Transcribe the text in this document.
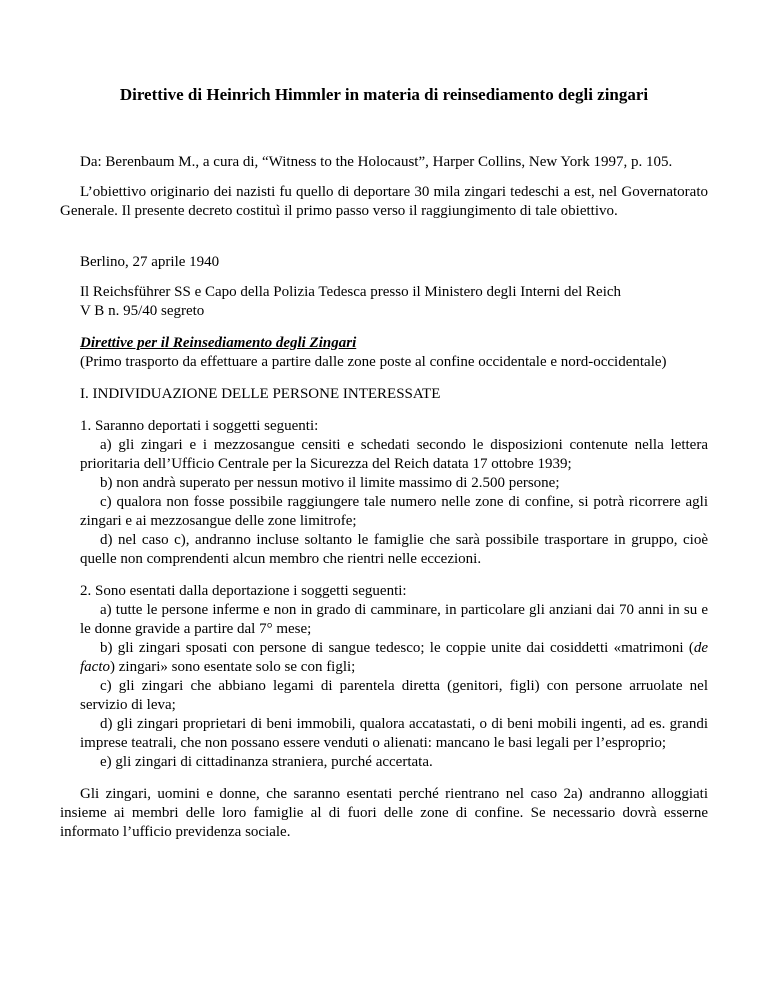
Direttive di Heinrich Himmler in materia di reinsediamento degli zingari

Da: Berenbaum M., a cura di, “Witness to the Holocaust”, Harper Collins, New York 1997, p. 105.

L’obiettivo originario dei nazisti fu quello di deportare 30 mila zingari tedeschi a est, nel Governatorato Generale. Il presente decreto costituì il primo passo verso il raggiungimento di tale obiettivo.

Berlino, 27 aprile 1940

Il Reichsführer SS e Capo della Polizia Tedesca presso il Ministero degli Interni del Reich

V B n. 95/40 segreto

Direttive per il Reinsediamento degli Zingari

(Primo trasporto da effettuare a partire dalle zone poste al confine occidentale e nord-occidentale)

I. INDIVIDUAZIONE DELLE PERSONE INTERESSATE

1. Saranno deportati i soggetti seguenti:

a) gli zingari e i mezzosangue censiti e schedati secondo le disposizioni contenute nella lettera prioritaria dell’Ufficio Centrale per la Sicurezza del Reich datata 17 ottobre 1939;

b) non andrà superato per nessun motivo il limite massimo di 2.500 persone;

c) qualora non fosse possibile raggiungere tale numero nelle zone di confine, si potrà ricorrere agli zingari e ai mezzosangue delle zone limitrofe;

d) nel caso c), andranno incluse soltanto le famiglie che sarà possibile trasportare in gruppo, cioè quelle non comprendenti alcun membro che rientri nelle eccezioni.

2. Sono esentati dalla deportazione i soggetti seguenti:

a) tutte le persone inferme e non in grado di camminare, in particolare gli anziani dai 70 anni in su e le donne gravide a partire dal 7° mese;

b) gli zingari sposati con persone di sangue tedesco; le coppie unite dai cosiddetti «matrimoni (de facto) zingari» sono esentate solo se con figli;

c) gli zingari che abbiano legami di parentela diretta (genitori, figli) con persone arruolate nel servizio di leva;

d) gli zingari proprietari di beni immobili, qualora accatastati, o di beni mobili ingenti, ad es. grandi imprese teatrali, che non possano essere venduti o alienati: mancano le basi legali per l’esproprio;

e) gli zingari di cittadinanza straniera, purché accertata.

Gli zingari, uomini e donne, che saranno esentati perché rientrano nel caso 2a) andranno alloggiati insieme ai membri delle loro famiglie al di fuori delle zone di confine. Se necessario dovrà esserne informato l’ufficio previdenza sociale.
